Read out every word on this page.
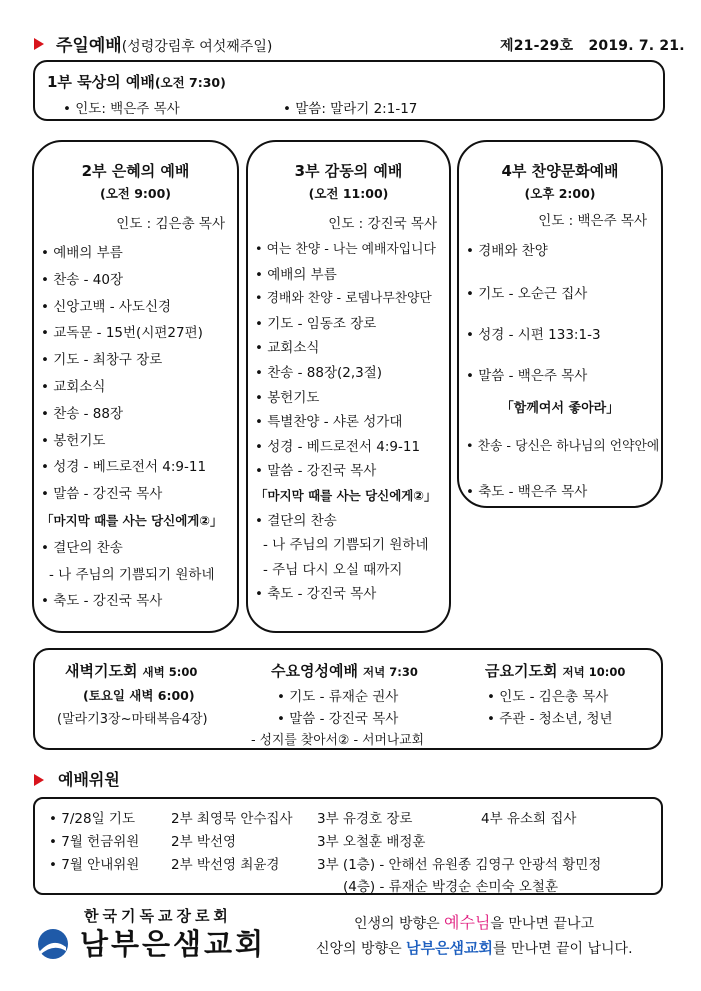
주일예배(성령강림후 여섯째주일)	제21-29호 2019. 7. 21.
1부 묵상의 예배(오전 7:30)
• 인도: 백은주 목사	• 말씀: 말라기 2:1-17
2부 은혜의 예배
(오전 9:00)
인도 : 김은총 목사
• 예배의 부름
• 찬송 - 40장
• 신앙고백 - 사도신경
• 교독문 - 15번(시편27편)
• 기도 - 최창구 장로
• 교회소식
• 찬송 - 88장
• 봉헌기도
• 성경 - 베드로전서 4:9-11
• 말씀 - 강진국 목사
「마지막 때를 사는 당신에게②」
• 결단의 찬송
- 나 주님의 기쁨되기 원하네
• 축도 - 강진국 목사
3부 감동의 예배
(오전 11:00)
인도 : 강진국 목사
• 여는 찬양 - 나는 예배자입니다
• 예배의 부름
• 경배와 찬양 - 로뎀나무찬양단
• 기도 - 임동조 장로
• 교회소식
• 찬송 - 88장(2,3절)
• 봉헌기도
• 특별찬양 - 샤론 성가대
• 성경 - 베드로전서 4:9-11
• 말씀 - 강진국 목사
「마지막 때를 사는 당신에게②」
• 결단의 찬송
- 나 주님의 기쁨되기 원하네
- 주님 다시 오실 때까지
• 축도 - 강진국 목사
4부 찬양문화예배
(오후 2:00)
인도 : 백은주 목사
• 경배와 찬양
• 기도 - 오순근 집사
• 성경 - 시편 133:1-3
• 말씀 - 백은주 목사
「함께여서 좋아라」
• 찬송 - 당신은 하나님의 언약안에
• 축도 - 백은주 목사
새벽기도회 새벽 5:00
(토요일 새벽 6:00)
(말라기3장~마태복음4장)
수요영성예배 저녁 7:30
• 기도 - 류재순 권사
• 말씀 - 강진국 목사
- 성지를 찾아서② - 서머나교회
금요기도회 저녁 10:00
• 인도 - 김은총 목사
• 주관 - 청소년, 청년
예배위원
• 7/28일 기도	2부 최영묵 안수집사 3부 유경호 장로	4부 유소희 집사
• 7월 헌금위원 2부 박선영	3부 오철훈 배정훈
• 7월 안내위원 2부 박선영 최윤경	3부 (1층) - 안해선 유원종 김영구 안광석 황민정
(4층) - 류재순 박경순 손미숙 오철훈
한국기독교장로회
남부은샘교회
인생의 방향은 예수님을 만나면 끝나고
신앙의 방향은 남부은샘교회를 만나면 끝이 납니다.
